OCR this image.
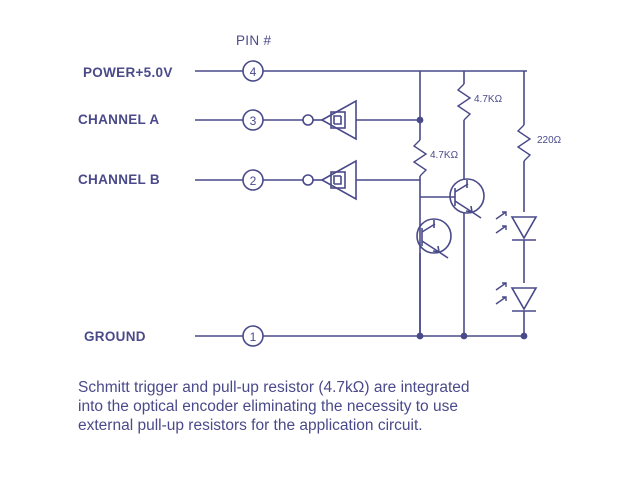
PIN #
POWER+5.0V
CHANNEL A
CHANNEL B
GROUND
4
3
2
1
4.7KΩ
4.7KΩ
220Ω
Schmitt trigger and pull-up resistor (4.7kΩ) are integrated into the optical encoder eliminating the necessity to use external pull-up resistors for the application circuit.
